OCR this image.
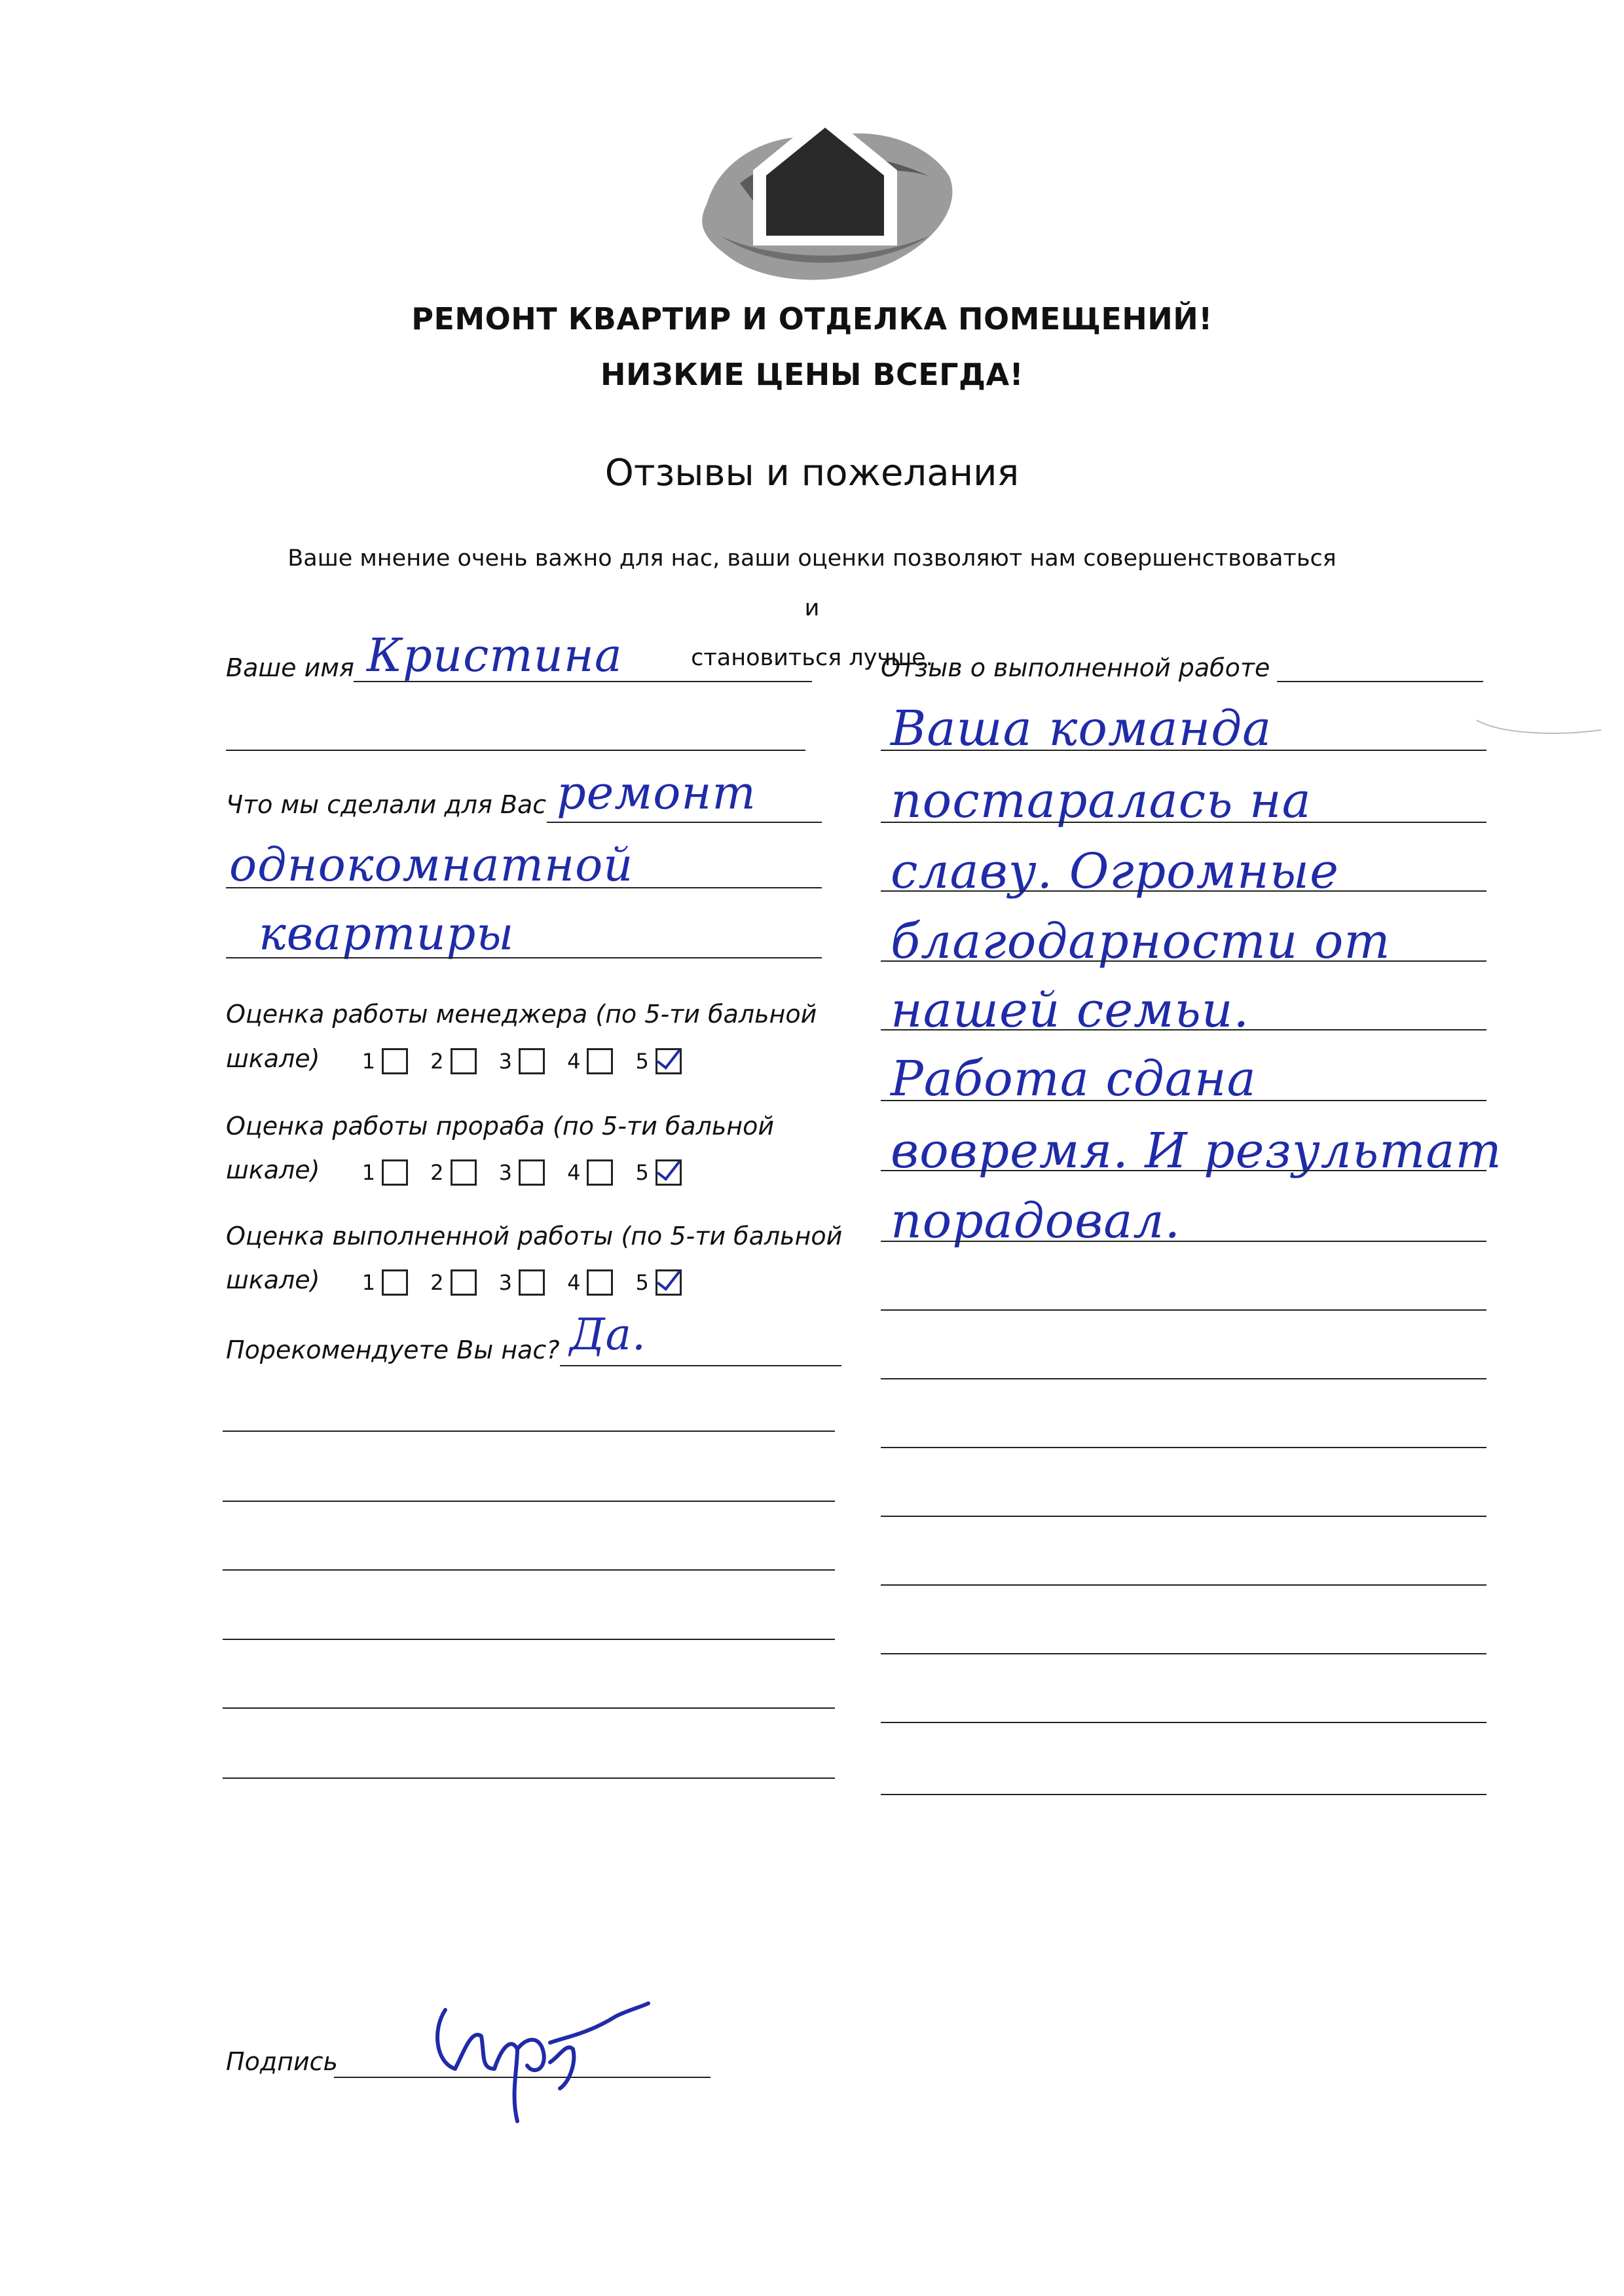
РЕМОНТ КВАРТИР И ОТДЕЛКА ПОМЕЩЕНИЙ!
НИЗКИЕ ЦЕНЫ ВСЕГДА!
Отзывы и пожелания
Ваше мнение очень важно для нас, ваши оценки позволяют нам совершенствоваться и
становиться лучше.
Ваше имя Кристина
Что мы сделали для Вас ремонт
однокомнатной
квартиры
Оценка работы менеджера (по 5-ти бальной
шкале) 1	2	3	4	5
Оценка работы прораба (по 5-ти бальной
шкале) 1	2	3	4	5
Оценка выполненной работы (по 5-ти бальной
шкале) 1	2	3	4	5
Порекомендуете Вы нас? Да.
Отзыв о выполненной работе
Ваша команда
постаралась на
славу. Огромные
благодарности от
нашей семьи.
Работа сдана
вовремя. И результат
порадовал.
Подпись
